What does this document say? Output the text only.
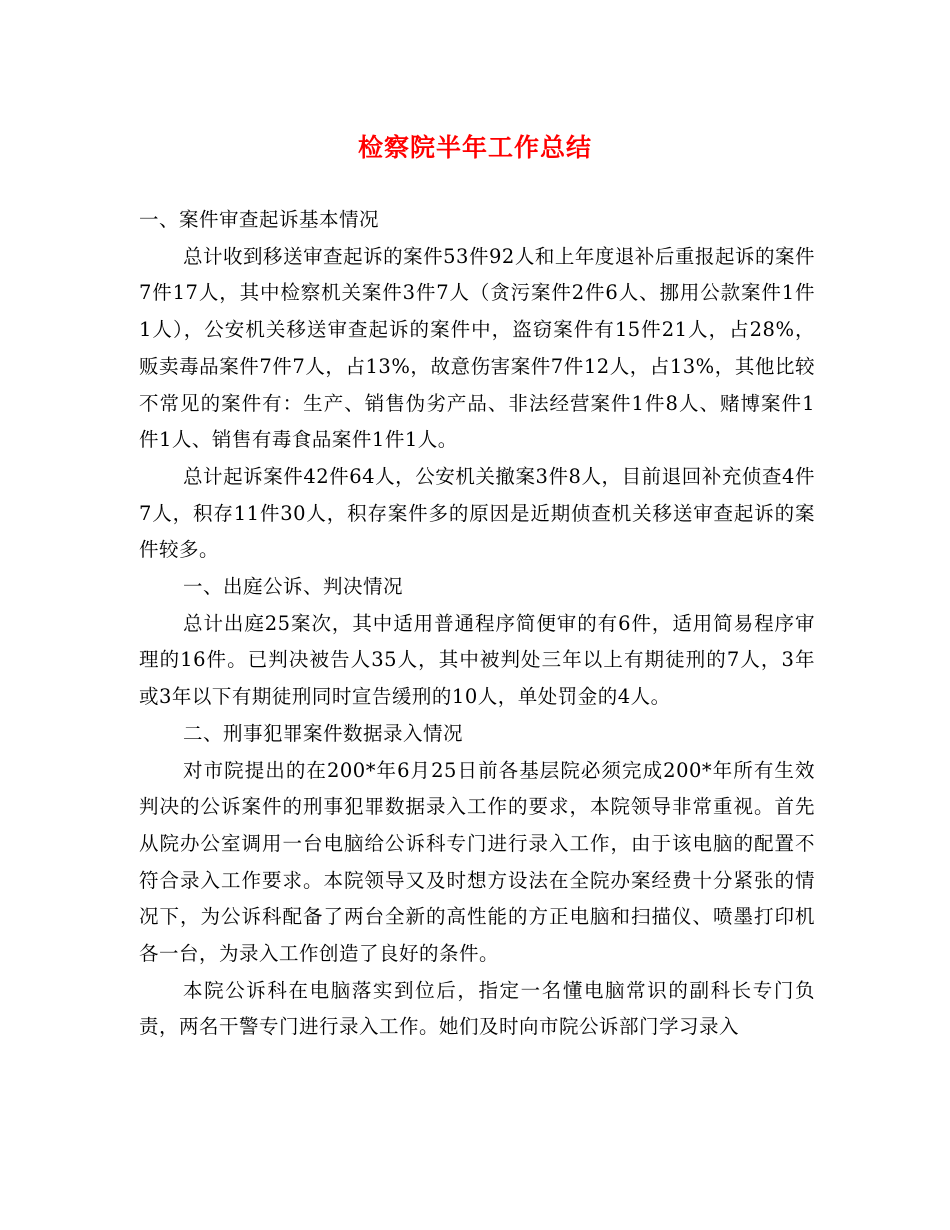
检察院半年工作总结

一、案件审查起诉基本情况

总计收到移送审查起诉的案件53件92人和上年度退补后重报起诉的案件7件17人，其中检察机关案件3件7人（贪污案件2件6人、挪用公款案件1件1人），公安机关移送审查起诉的案件中，盗窃案件有15件21人，占28%，贩卖毒品案件7件7人，占13%，故意伤害案件7件12人，占13%，其他比较不常见的案件有：生产、销售伪劣产品、非法经营案件1件8人、赌博案件1件1人、销售有毒食品案件1件1人。

总计起诉案件42件64人，公安机关撤案3件8人，目前退回补充侦查4件7人，积存11件30人，积存案件多的原因是近期侦查机关移送审查起诉的案件较多。

一、出庭公诉、判决情况

总计出庭25案次，其中适用普通程序简便审的有6件，适用简易程序审理的16件。已判决被告人35人，其中被判处三年以上有期徒刑的7人，3年或3年以下有期徒刑同时宣告缓刑的10人，单处罚金的4人。

二、刑事犯罪案件数据录入情况

对市院提出的在200*年6月25日前各基层院必须完成200*年所有生效判决的公诉案件的刑事犯罪数据录入工作的要求，本院领导非常重视。首先从院办公室调用一台电脑给公诉科专门进行录入工作，由于该电脑的配置不符合录入工作要求。本院领导又及时想方设法在全院办案经费十分紧张的情况下，为公诉科配备了两台全新的高性能的方正电脑和扫描仪、喷墨打印机各一台，为录入工作创造了良好的条件。

本院公诉科在电脑落实到位后，指定一名懂电脑常识的副科长专门负责，两名干警专门进行录入工作。她们及时向市院公诉部门学习录入
